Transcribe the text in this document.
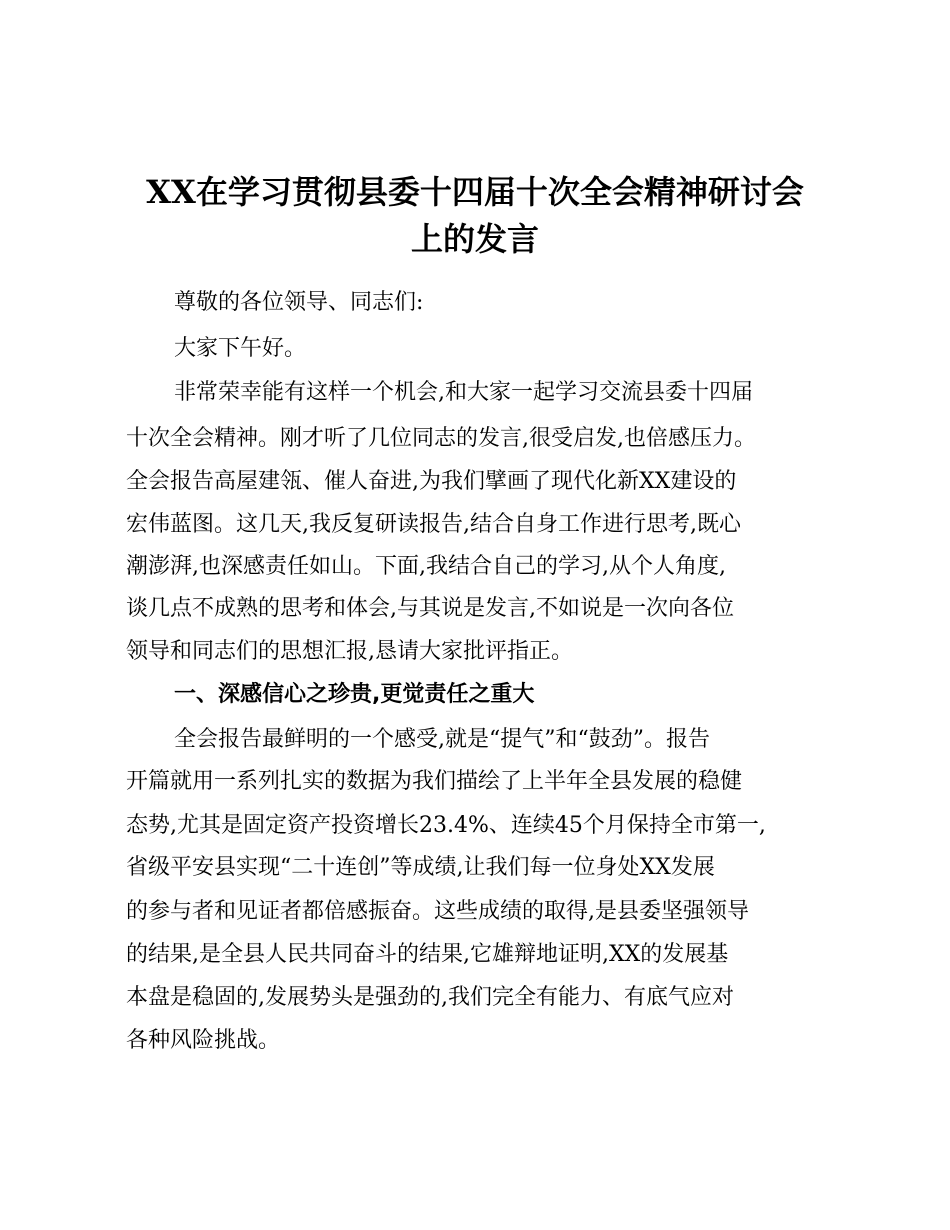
XX在学习贯彻县委十四届十次全会精神研讨会
上的发言

尊敬的各位领导、同志们:

大家下午好。

非常荣幸能有这样一个机会,和大家一起学习交流县委十四届

十次全会精神。刚才听了几位同志的发言,很受启发,也倍感压力。

全会报告高屋建瓴、催人奋进,为我们擘画了现代化新XX建设的

宏伟蓝图。这几天,我反复研读报告,结合自身工作进行思考,既心

潮澎湃,也深感责任如山。下面,我结合自己的学习,从个人角度,

谈几点不成熟的思考和体会,与其说是发言,不如说是一次向各位

领导和同志们的思想汇报,恳请大家批评指正。

一、深感信心之珍贵,更觉责任之重大

全会报告最鲜明的一个感受,就是“提气”和“鼓劲”。报告

开篇就用一系列扎实的数据为我们描绘了上半年全县发展的稳健

态势,尤其是固定资产投资增长23.4%、连续45个月保持全市第一,

省级平安县实现“二十连创”等成绩,让我们每一位身处XX发展

的参与者和见证者都倍感振奋。这些成绩的取得,是县委坚强领导

的结果,是全县人民共同奋斗的结果,它雄辩地证明,XX的发展基

本盘是稳固的,发展势头是强劲的,我们完全有能力、有底气应对

各种风险挑战。
